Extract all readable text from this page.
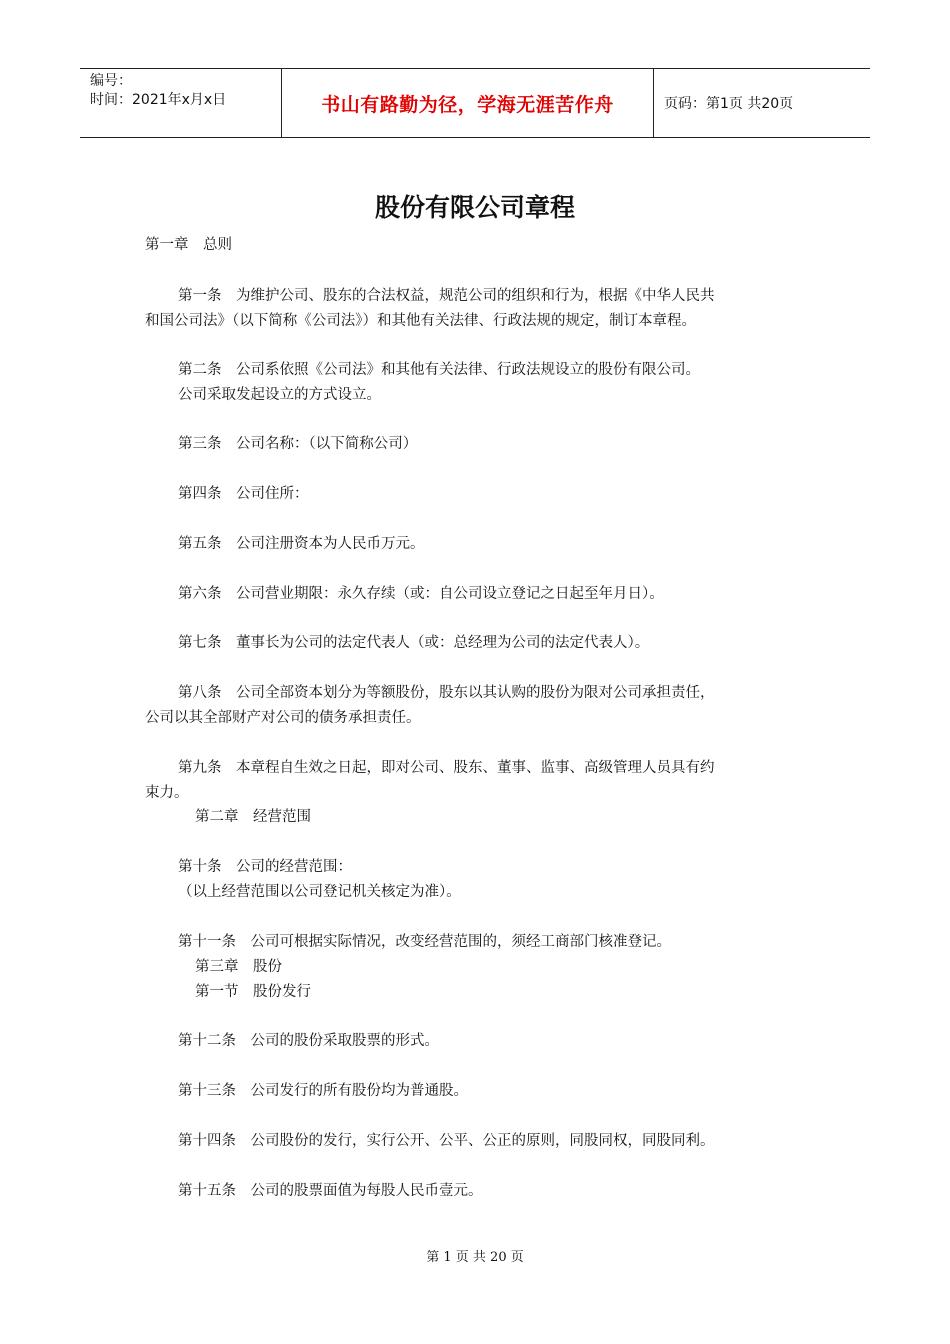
编号：
时间：2021年x月x日	书山有路勤为径，学海无涯苦作舟	页码：第1页 共20页
股份有限公司章程
第一章　总则
第一条　为维护公司、股东的合法权益，规范公司的组织和行为，根据《中华人民共
和国公司法》（以下简称《公司法》）和其他有关法律、行政法规的规定，制订本章程。
第二条　公司系依照《公司法》和其他有关法律、行政法规设立的股份有限公司。
公司采取发起设立的方式设立。
第三条　公司名称：（以下简称公司）
第四条　公司住所：
第五条　公司注册资本为人民币万元。
第六条　公司营业期限：永久存续（或：自公司设立登记之日起至年月日）。
第七条　董事长为公司的法定代表人（或：总经理为公司的法定代表人）。
第八条　公司全部资本划分为等额股份，股东以其认购的股份为限对公司承担责任，
公司以其全部财产对公司的债务承担责任。
第九条　本章程自生效之日起，即对公司、股东、董事、监事、高级管理人员具有约
束力。
第二章　经营范围
第十条　公司的经营范围：
（以上经营范围以公司登记机关核定为准）。
第十一条　公司可根据实际情况，改变经营范围的，须经工商部门核准登记。
第三章　股份
第一节　股份发行
第十二条　公司的股份采取股票的形式。
第十三条　公司发行的所有股份均为普通股。
第十四条　公司股份的发行，实行公开、公平、公正的原则，同股同权，同股同利。
第十五条　公司的股票面值为每股人民币壹元。
第 1 页 共 20 页
